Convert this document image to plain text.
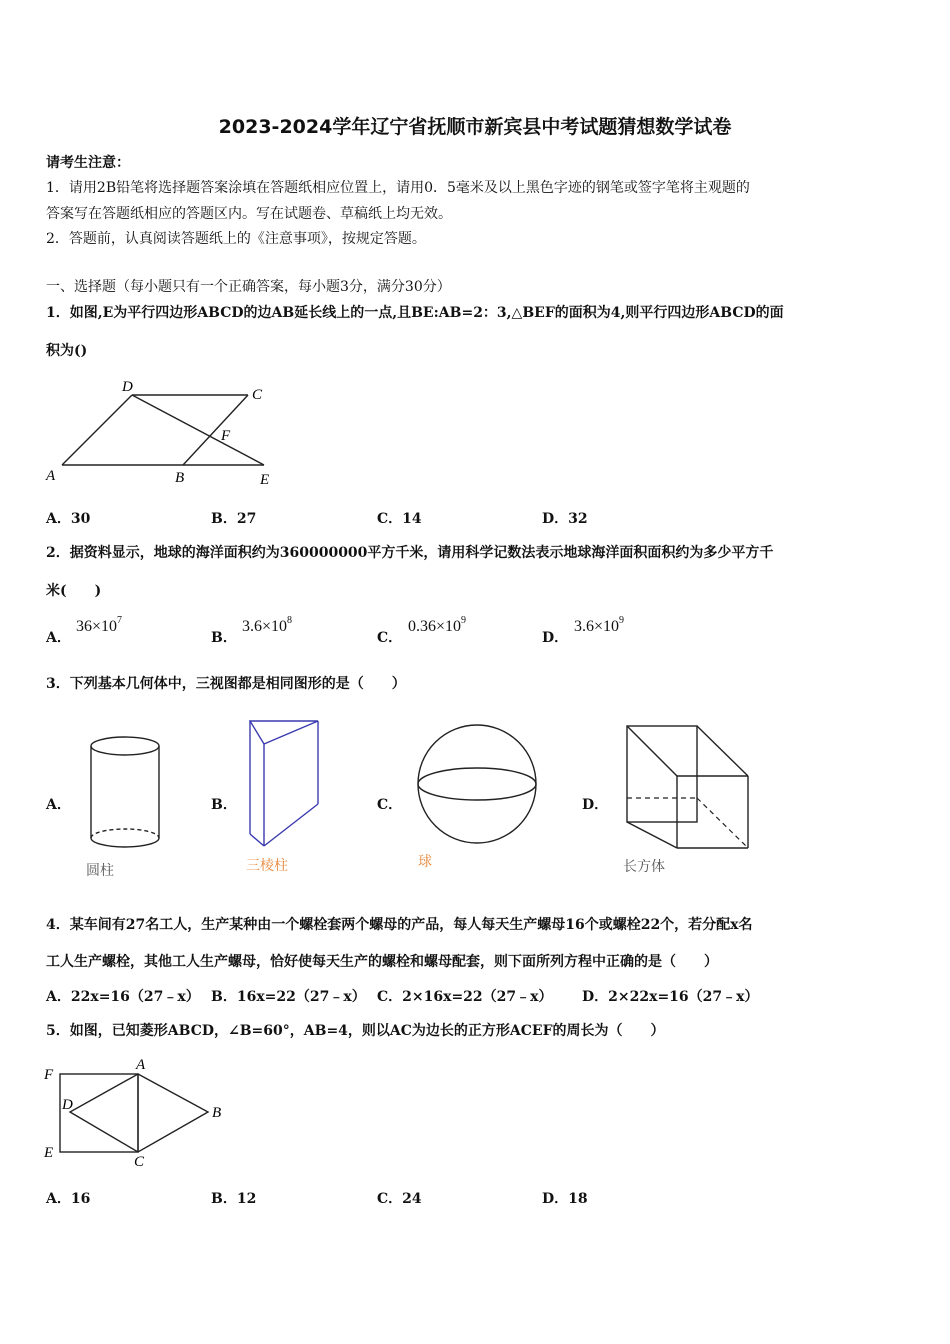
2023-2024学年辽宁省抚顺市新宾县中考试题猜想数学试卷
请考生注意：
1．请用2B铅笔将选择题答案涂填在答题纸相应位置上，请用0．5毫米及以上黑色字迹的钢笔或签字笔将主观题的
答案写在答题纸相应的答题区内。写在试题卷、草稿纸上均无效。
2．答题前，认真阅读答题纸上的《注意事项》，按规定答题。
一、选择题（每小题只有一个正确答案，每小题3分，满分30分）
1．如图,E为平行四边形ABCD的边AB延长线上的一点,且BE:AB=2：3,△BEF的面积为4,则平行四边形ABCD的面
积为()
A
D	C
F
B	E
A．30	B．27	C．14	D．32
2．据资料显示，地球的海洋面积约为360000000平方千米，请用科学记数法表示地球海洋面积面积约为多少平方千
米(　　)
A．
$36\times 10^7$
B．
$3.6\times 10^8$
C．
$0.36\times 10^9$
D．
$3.6\times 10^9$
3．下列基本几何体中，三视图都是相同图形的是（　　）
A．
圆柱
B．
三棱柱
C．
球
D．
长方体
4．某车间有27名工人，生产某种由一个螺栓套两个螺母的产品，每人每天生产螺母16个或螺栓22个，若分配x名
工人生产螺栓，其他工人生产螺母，恰好使每天生产的螺栓和螺母配套，则下面所列方程中正确的是（　　）
A．22x=16（27﹣x） B．16x=22（27﹣x） C．2×16x=22（27﹣x） D．2×22x=16（27﹣x）
5．如图，已知菱形ABCD，∠B=60°，AB=4，则以AC为边长的正方形ACEF的周长为（　　）
F
A
D	B
E
C
A．16	B．12	C．24	D．18
